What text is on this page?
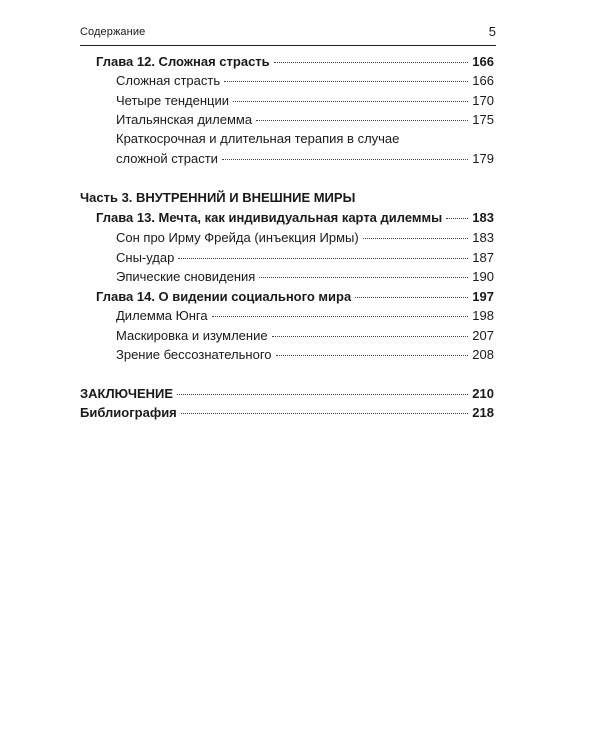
Содержание	5
Глава 12. Сложная страсть	166
Сложная страсть	166
Четыре тенденции	170
Итальянская дилемма	175
Краткосрочная и длительная терапия в случае
сложной страсти	179
Часть 3. ВНУТРЕННИЙ И ВНЕШНИЕ МИРЫ
Глава 13. Мечта, как индивидуальная карта дилеммы 183
Сон про Ирму Фрейда (инъекция Ирмы)	183
Сны-удар	187
Эпические сновидения	190
Глава 14. О видении социального мира	197
Дилемма Юнга	198
Маскировка и изумление	207
Зрение бессознательного	208
ЗАКЛЮЧЕНИЕ	210
Библиография	218
